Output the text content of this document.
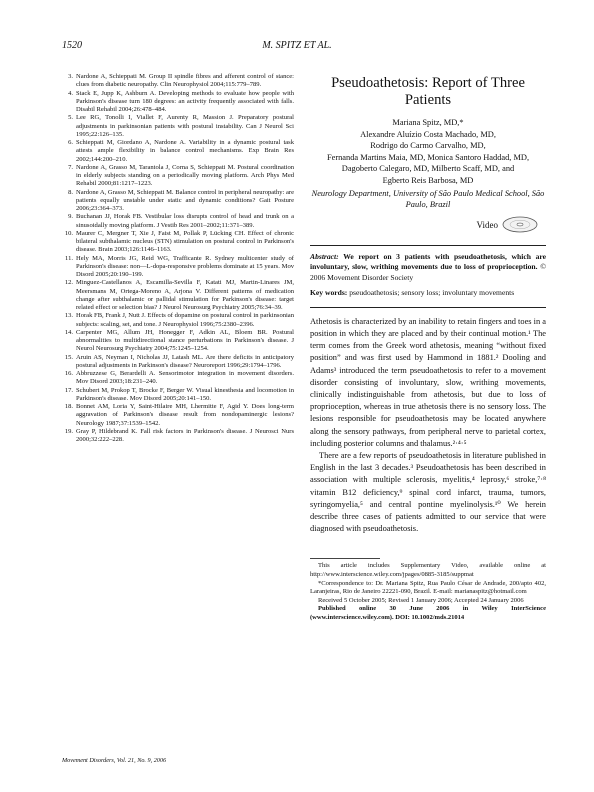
1520	M. SPITZ ET AL.
3. Nardone A, Schieppati M. Group II spindle fibres and afferent control of stance: clues from diabetic neuropathy. Clin Neurophysiol 2004;115:779–789.
4. Stack E, Jupp K, Ashburn A. Developing methods to evaluate how people with Parkinson's disease turn 180 degrees: an activity frequently associated with falls. Disabil Rehabil 2004;26:478–484.
5. Lee RG, Tonolli I, Viallet F, Aurenty R, Massion J. Preparatory postural adjustments in parkinsonian patients with postural instability. Can J Neurol Sci 1995;22:126–135.
6. Schieppati M, Giordano A, Nardone A. Variability in a dynamic postural task attests ample flexibility in balance control mechanisms. Exp Brain Res 2002;144:200–210.
7. Nardone A, Grasso M, Tarantola J, Corna S, Schieppati M. Postural coordination in elderly subjects standing on a periodically moving platform. Arch Phys Med Rehabil 2000;81:1217–1223.
8. Nardone A, Grasso M, Schieppati M. Balance control in peripheral neuropathy: are patients equally unstable under static and dynamic conditions? Gait Posture 2006;23:364–373.
9. Buchanan JJ, Horak FB. Vestibular loss disrupts control of head and trunk on a sinusoidally moving platform. J Vestib Res 2001–2002;11:371–389.
10. Maurer C, Mergner T, Xie J, Faist M, Pollak P, Lücking CH. Effect of chronic bilateral subthalamic nucleus (STN) stimulation on postural control in Parkinson's disease. Brain 2003;126:1146–1163.
11. Hely MA, Morris JG, Reid WG, Trafficante R. Sydney multicenter study of Parkinson's disease: non—L-dopa-responsive problems dominate at 15 years. Mov Disord 2005;20:190–199.
12. Minguez-Castellanos A, Escamilla-Sevilla F, Katati MJ, Martin-Linares JM, Meersmans M, Ortega-Moreno A, Arjona V. Different patterns of medication change after subthalamic or pallidal stimulation for Parkinson's disease: target related effect or selection bias? J Neurol Neurosurg Psychiatry 2005;76:34–39.
13. Horak FB, Frank J, Nutt J. Effects of dopamine on postural control in parkinsonian subjects: scaling, set, and tone. J Neurophysiol 1996;75:2380–2396.
14. Carpenter MG, Allum JH, Honegger F, Adkin AL, Bloem BR. Postural abnormalities to multidirectional stance perturbations in Parkinson's disease. J Neurol Neurosurg Psychiatry 2004;75:1245–1254.
15. Aruin AS, Neyman I, Nicholas JJ, Latash ML. Are there deficits in anticipatory postural adjustments in Parkinson's disease? Neuroreport 1996;29:1794–1796.
16. Abbruzzese G, Berardelli A. Sensorimotor integration in movement disorders. Mov Disord 2003;18:231–240.
17. Schubert M, Prokop T, Brocke F, Berger W. Visual kinesthesia and locomotion in Parkinson's disease. Mov Disord 2005;20:141–150.
18. Bonnet AM, Loria Y, Saint-Hilaire MH, Lhermitte F, Agid Y. Does long-term aggravation of Parkinson's disease result from nondopaminergic lesions? Neurology 1987;37:1539–1542.
19. Gray P, Hildebrand K. Fall risk factors in Parkinson's disease. J Neurosci Nurs 2000;32:222–228.
Pseudoathetosis: Report of Three Patients
Mariana Spitz, MD,*
Alexandre Aluízio Costa Machado, MD,
Rodrigo do Carmo Carvalho, MD,
Fernanda Martins Maia, MD, Monica Santoro Haddad, MD,
Dagoberto Calegaro, MD, Milberto Scaff, MD, and
Egberto Reis Barbosa, MD
Neurology Department, University of São Paulo Medical School, São Paulo, Brazil
Video
Abstract: We report on 3 patients with pseudoathetosis, which are involuntary, slow, writhing movements due to loss of proprioception. © 2006 Movement Disorder Society
Key words: pseudoathetosis; sensory loss; involuntary movements

Athetosis is characterized by an inability to retain fingers and toes in a position in which they are placed and by their continual motion.¹ The term comes from the Greek word athetosis, meaning “without fixed position” and was first used by Hammond in 1881.² Dooling and Adams³ introduced the term pseudoathetosis to refer to a movement disorder consisting of involuntary, slow, writhing movements, clinically indistinguishable from athetosis, but due to loss of proprioception, whereas in true athetosis there is no sensory loss. The lesions responsible for pseudoathetosis may be located anywhere along the sensory pathways, from peripheral nerve to parietal cortex, including posterior columns and thalamus.²·⁴·⁵

There are a few reports of pseudoathetosis in literature published in English in the last 3 decades.³ Pseudoathetosis has been described in association with multiple sclerosis, myelitis,⁴ leprosy,⁶ stroke,⁷·⁸ vitamin B12 deficiency,⁹ spinal cord infarct, trauma, tumors, syringomyelia,⁵ and central pontine myelinolysis.¹⁰ We herein describe three cases of patients admitted to our service that were diagnosed with pseudoathetosis.

This article includes Supplementary Video, available online at http://www.interscience.wiley.com/jpages/0885-3185/suppmat

*Correspondence to: Dr. Mariana Spitz, Rua Paulo César de Andrade, 200/apto 402, Laranjeiras, Rio de Janeiro 22221-090, Brazil. E-mail: marianaspitz@hotmail.com

Received 5 October 2005; Revised 1 January 2006; Accepted 24 January 2006

Published online 30 June 2006 in Wiley InterScience (www.interscience.wiley.com). DOI: 10.1002/mds.21014

Movement Disorders, Vol. 21, No. 9, 2006
